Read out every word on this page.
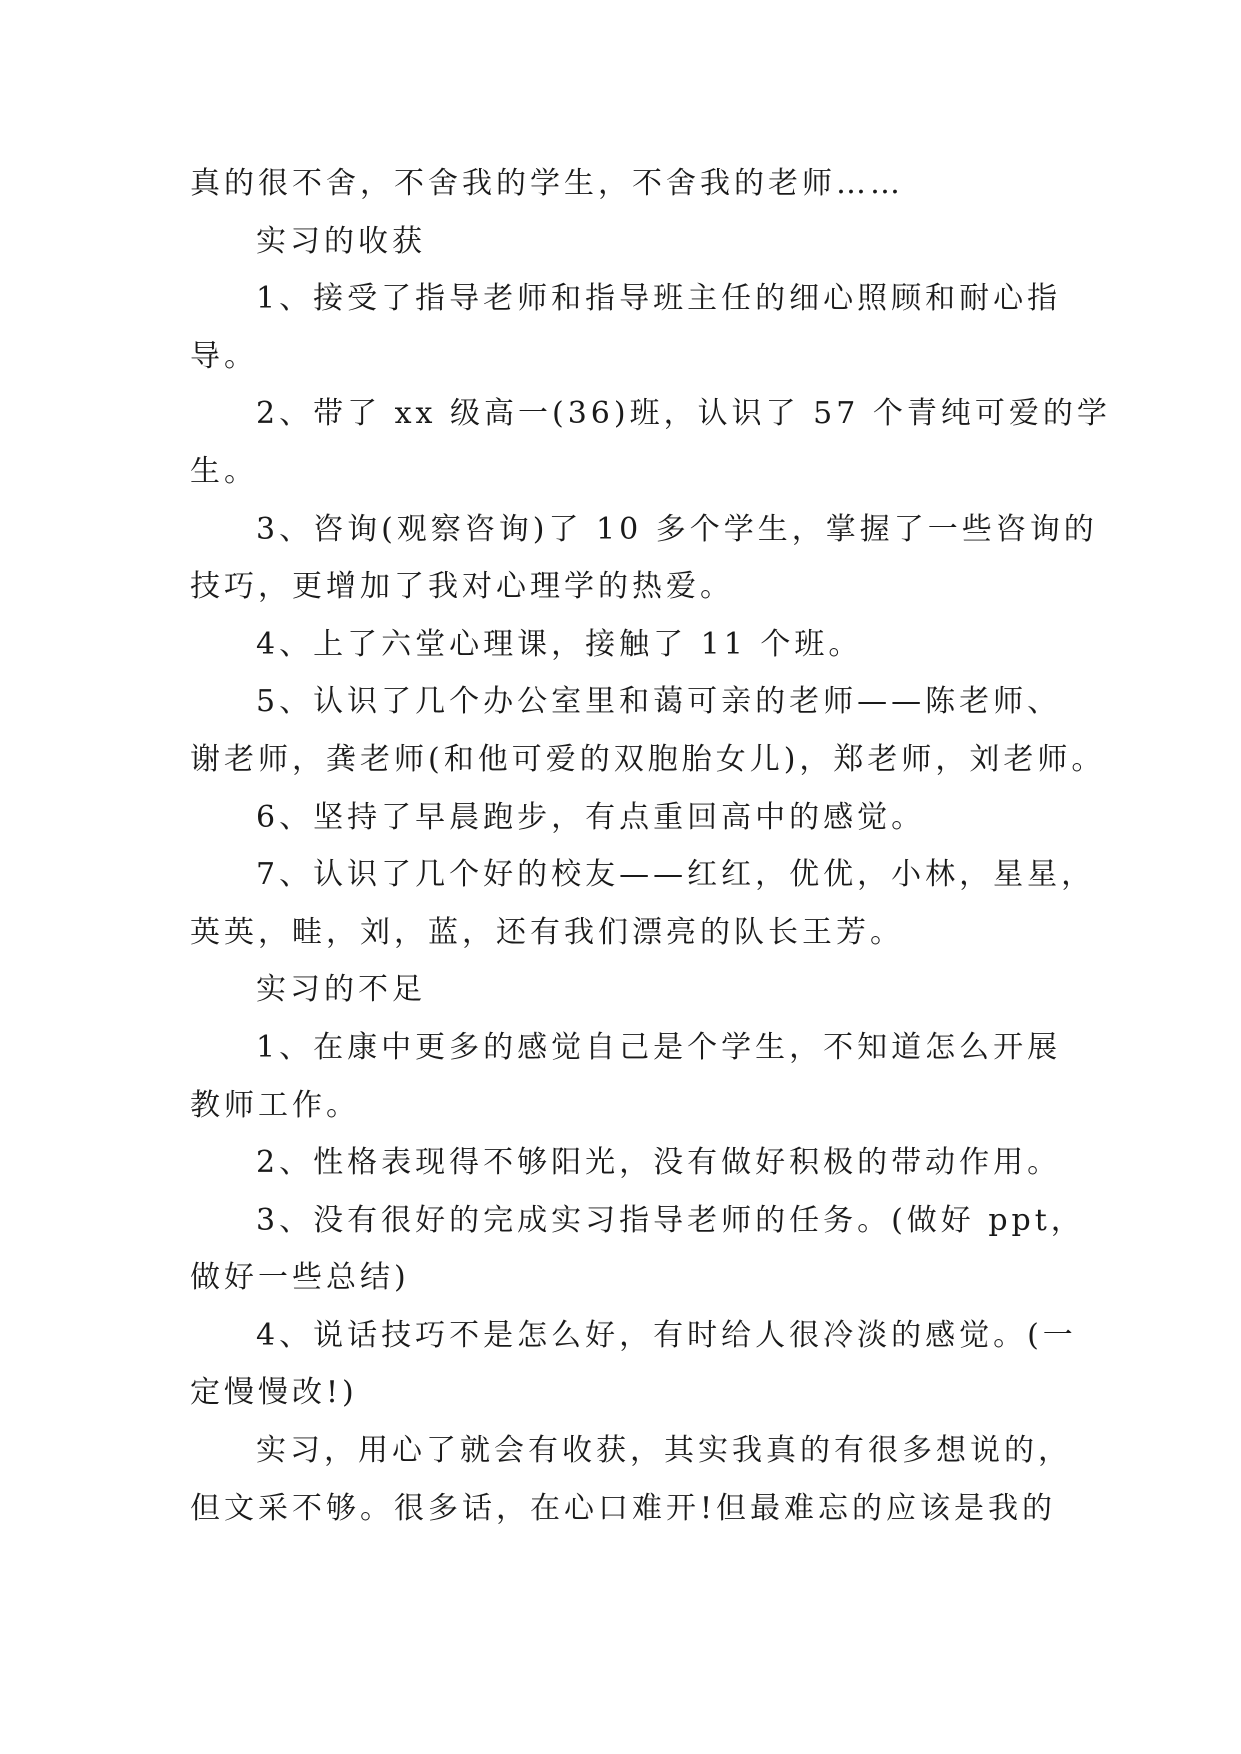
真的很不舍，不舍我的学生，不舍我的老师……
实习的收获
1、接受了指导老师和指导班主任的细心照顾和耐心指
导。
2、带了 xx 级高一(36)班，认识了 57 个青纯可爱的学
生。
3、咨询(观察咨询)了 10 多个学生，掌握了一些咨询的
技巧，更增加了我对心理学的热爱。
4、上了六堂心理课，接触了 11 个班。
5、认识了几个办公室里和蔼可亲的老师——陈老师、
谢老师，龚老师(和他可爱的双胞胎女儿)，郑老师，刘老师。
6、坚持了早晨跑步，有点重回高中的感觉。
7、认识了几个好的校友——红红，优优，小林，星星，
英英，畦，刘，蓝，还有我们漂亮的队长王芳。
实习的不足
1、在康中更多的感觉自己是个学生，不知道怎么开展
教师工作。
2、性格表现得不够阳光，没有做好积极的带动作用。
3、没有很好的完成实习指导老师的任务。(做好 ppt，
做好一些总结)
4、说话技巧不是怎么好，有时给人很冷淡的感觉。(一
定慢慢改!)
实习，用心了就会有收获，其实我真的有很多想说的，
但文采不够。很多话，在心口难开!但最难忘的应该是我的
